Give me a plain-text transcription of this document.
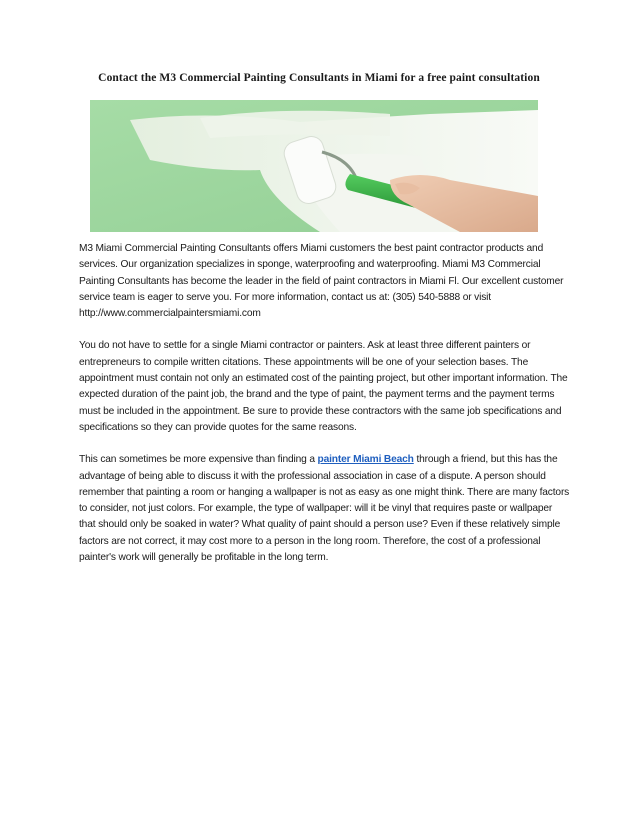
Contact the M3 Commercial Painting Consultants in Miami for a free paint consultation

M3 Miami Commercial Painting Consultants offers Miami customers the best paint contractor products and services. Our organization specializes in sponge, waterproofing and waterproofing. Miami M3 Commercial Painting Consultants has become the leader in the field of paint contractors in Miami Fl. Our excellent customer service team is eager to serve you. For more information, contact us at: (305) 540-5888 or visit http://www.commercialpaintersmiami.com

You do not have to settle for a single Miami contractor or painters. Ask at least three different painters or entrepreneurs to compile written citations. These appointments will be one of your selection bases. The appointment must contain not only an estimated cost of the painting project, but other important information. The expected duration of the paint job, the brand and the type of paint, the payment terms and the payment terms must be included in the appointment. Be sure to provide these contractors with the same job specifications and specifications so they can provide quotes for the same reasons.

This can sometimes be more expensive than finding a painter Miami Beach through a friend, but this has the advantage of being able to discuss it with the professional association in case of a dispute. A person should remember that painting a room or hanging a wallpaper is not as easy as one might think. There are many factors to consider, not just colors. For example, the type of wallpaper: will it be vinyl that requires paste or wallpaper that should only be soaked in water? What quality of paint should a person use? Even if these relatively simple factors are not correct, it may cost more to a person in the long room. Therefore, the cost of a professional painter's work will generally be profitable in the long term.
